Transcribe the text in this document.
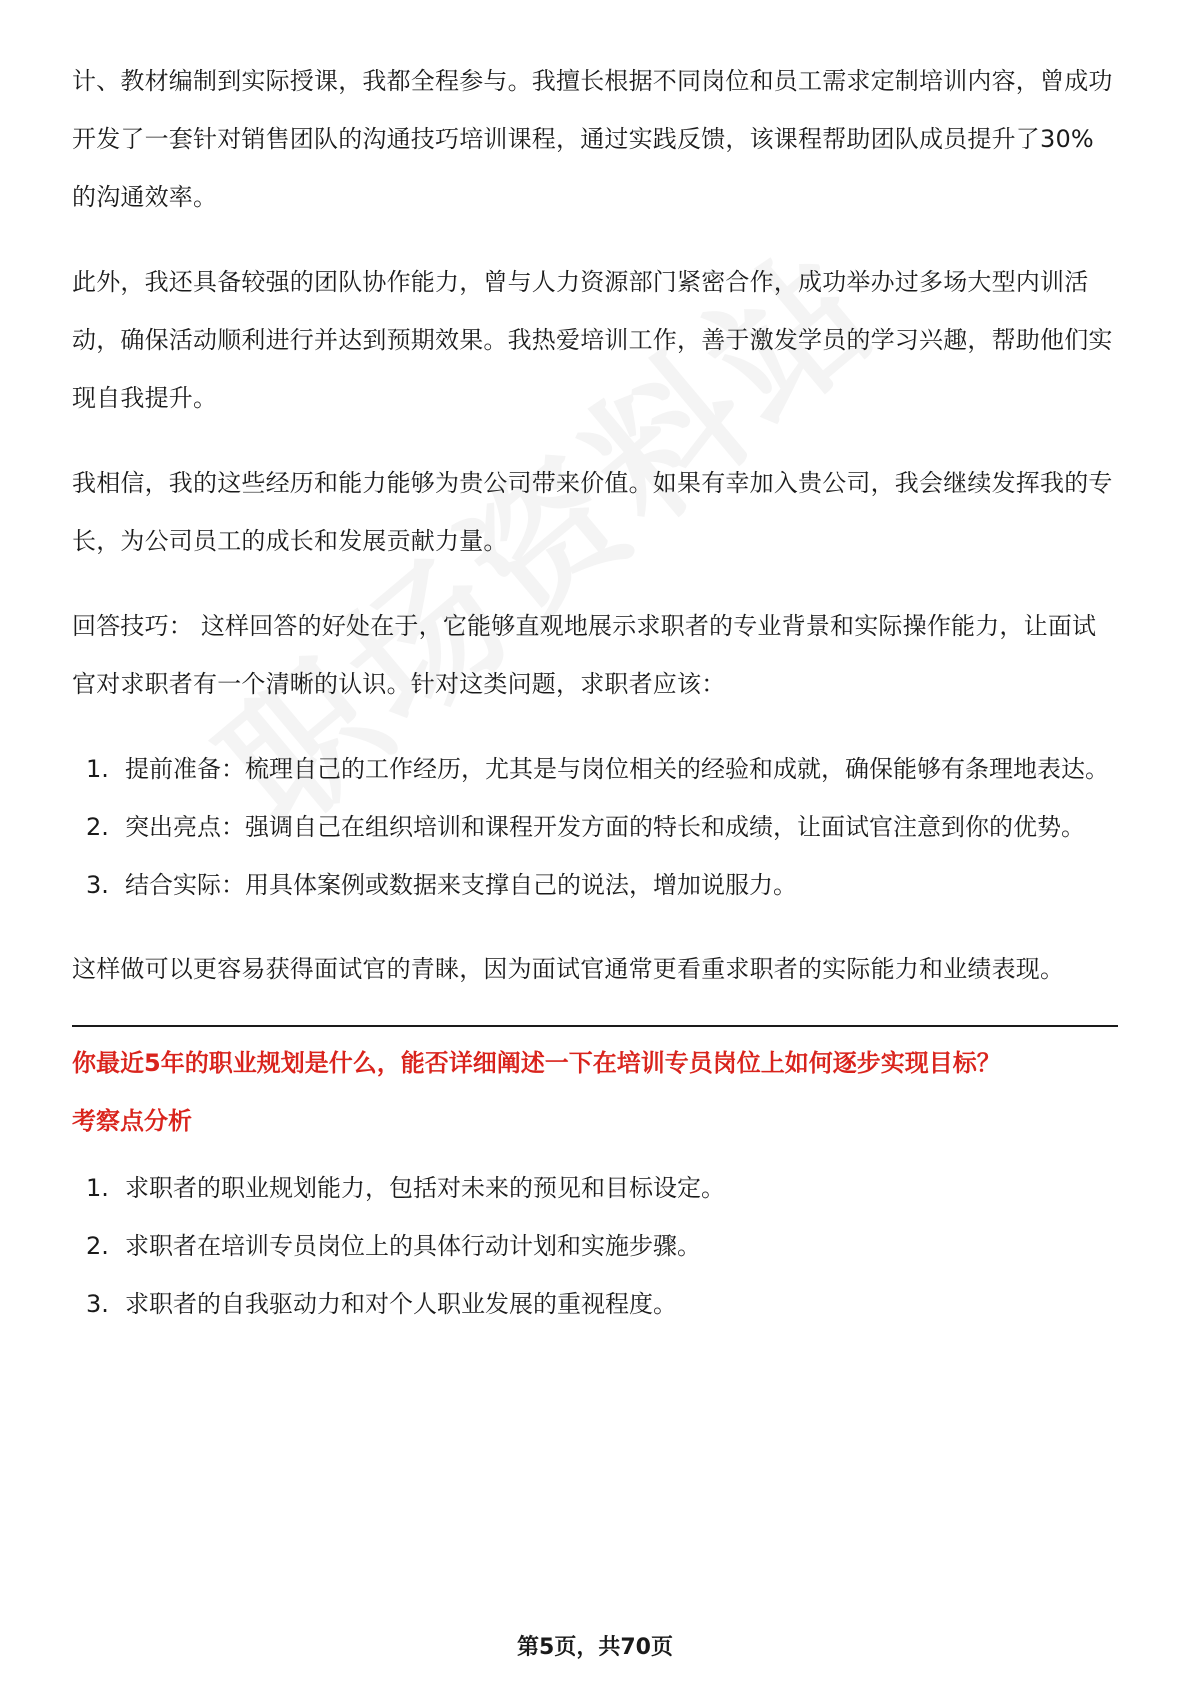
计、教材编制到实际授课，我都全程参与。我擅长根据不同岗位和员工需求定制培训内容，曾成功开发了一套针对销售团队的沟通技巧培训课程，通过实践反馈，该课程帮助团队成员提升了30%的沟通效率。

此外，我还具备较强的团队协作能力，曾与人力资源部门紧密合作，成功举办过多场大型内训活动，确保活动顺利进行并达到预期效果。我热爱培训工作，善于激发学员的学习兴趣，帮助他们实现自我提升。

我相信，我的这些经历和能力能够为贵公司带来价值。如果有幸加入贵公司，我会继续发挥我的专长，为公司员工的成长和发展贡献力量。

回答技巧： 这样回答的好处在于，它能够直观地展示求职者的专业背景和实际操作能力，让面试官对求职者有一个清晰的认识。针对这类问题，求职者应该：

1. 提前准备：梳理自己的工作经历，尤其是与岗位相关的经验和成就，确保能够有条理地表达。
2. 突出亮点：强调自己在组织培训和课程开发方面的特长和成绩，让面试官注意到你的优势。
3. 结合实际：用具体案例或数据来支撑自己的说法，增加说服力。

这样做可以更容易获得面试官的青睐，因为面试官通常更看重求职者的实际能力和业绩表现。

你最近5年的职业规划是什么，能否详细阐述一下在培训专员岗位上如何逐步实现目标？
考察点分析
1. 求职者的职业规划能力，包括对未来的预见和目标设定。
2. 求职者在培训专员岗位上的具体行动计划和实施步骤。
3. 求职者的自我驱动力和对个人职业发展的重视程度。
第5页，共70页
